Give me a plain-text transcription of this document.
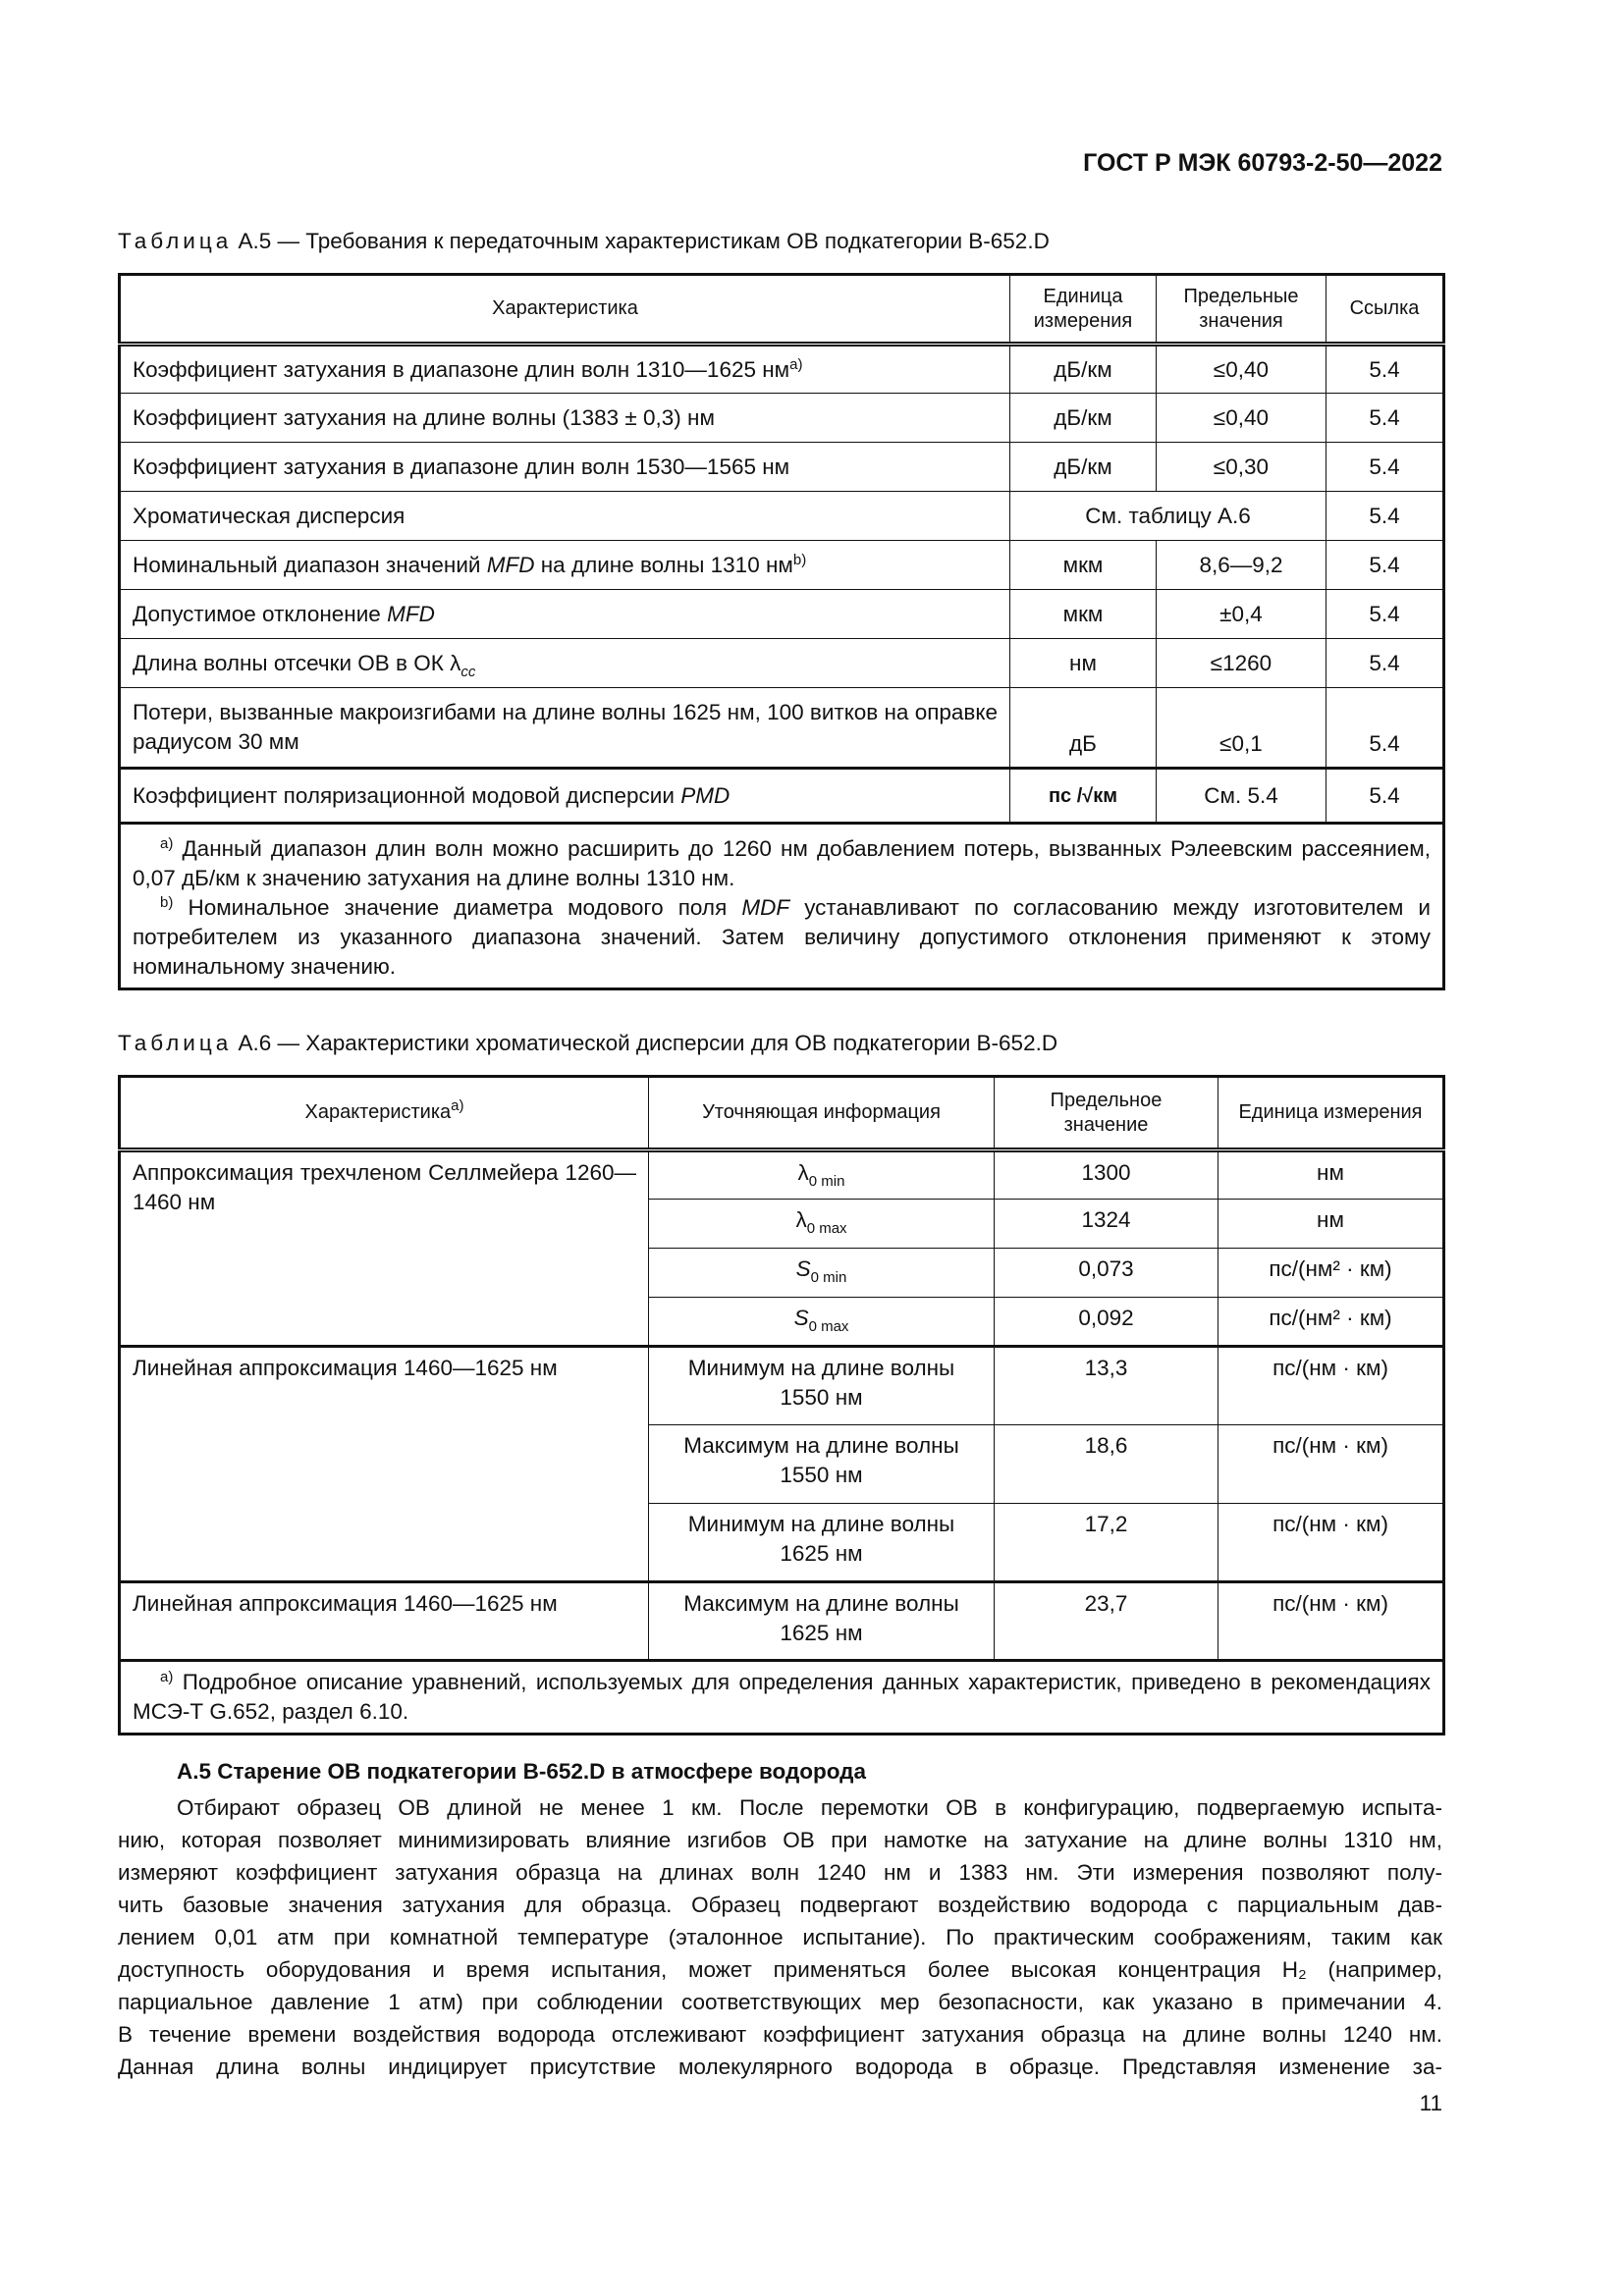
ГОСТ Р МЭК 60793-2-50—2022
Таблица А.5 — Требования к передаточным характеристикам ОВ подкатегории В-652.D
Характеристика	Единица измерения	Предельные значения	Ссылка
Коэффициент затухания в диапазоне длин волн 1310—1625 $нм^{a)}$	дБ/км	≤0,40	5.4
Коэффициент затухания на длине волны (1383 ± 0,3) нм	дБ/км	≤0,40	5.4
Коэффициент затухания в диапазоне длин волн 1530—1565 нм	дБ/км	≤0,30	5.4
Хроматическая дисперсия	См. таблицу А.6		5.4
Номинальный диапазон значений MFD на длине волны 1310 $нм^{b)}$	мкм	8,6—9,2	5.4
Допустимое отклонение MFD	мкм	±0,4	5.4
Длина волны отсечки ОВ в ОК $\lambda_{cc}$	нм	≤1260	5.4
Потери, вызванные макроизгибами на длине волны 1625 нм, 100 витков на оправке радиусом 30 мм	дБ	≤0,1	5.4
Коэффициент поляризационной модовой дисперсии PMD	пс /√км	См. 5.4	5.4

$^{a)}$ Данный диапазон длин волн можно расширить до 1260 нм добавлением потерь, вызванных Рэлеевским рассеянием, 0,07 дБ/км к значению затухания на длине волны 1310 нм.

$^{b)}$ Номинальное значение диаметра модового поля MDF устанавливают по согласованию между изготовителем и потребителем из указанного диапазона значений. Затем величину допустимого отклонения применяют к этому номинальному значению.			

Таблица А.6 — Характеристики хроматической дисперсии для ОВ подкатегории В-652.D
Характеристика$^{a)}$	Уточняющая информация	Предельное значение	Единица измерения
Аппроксимация трехчленом Селлмейера 1260—1460 нм	$\lambda_{0 min}$	1300	нм
	$\lambda_{0 max}$	1324	нм
	$S_{0 min}$	0,073	пс/(нм² · км)
	$S_{0 max}$	0,092	пс/(нм² · км)
Линейная аппроксимация 1460—1625 нм	Минимум на длине волны 1550 нм	13,3	пс/(нм · км)
	Максимум на длине волны 1550 нм	18,6	пс/(нм · км)
	Минимум на длине волны 1625 нм	17,2	пс/(нм · км)
Линейная аппроксимация 1460—1625 нм	Максимум на длине волны 1625 нм	23,7	пс/(нм · км)

$^{a)}$ Подробное описание уравнений, используемых для определения данных характеристик, приведено в рекомендациях МСЭ-Т G.652, раздел 6.10.			

А.5 Старение ОВ подкатегории В-652.D в атмосфере водорода
Отбирают образец ОВ длиной не менее 1 км. После перемотки ОВ в конфигурацию, подвергаемую испыта-
нию, которая позволяет минимизировать влияние изгибов ОВ при намотке на затухание на длине волны 1310 нм,
измеряют коэффициент затухания образца на длинах волн 1240 нм и 1383 нм. Эти измерения позволяют полу-
чить базовые значения затухания для образца. Образец подвергают воздействию водорода с парциальным дав-
лением 0,01 атм при комнатной температуре (эталонное испытание). По практическим соображениям, таким как
доступность оборудования и время испытания, может применяться более высокая концентрация H₂ (например,
парциальное давление 1 атм) при соблюдении соответствующих мер безопасности, как указано в примечании 4.
В течение времени воздействия водорода отслеживают коэффициент затухания образца на длине волны 1240 нм.
Данная длина волны индицирует присутствие молекулярного водорода в образце. Представляя изменение за-
11
